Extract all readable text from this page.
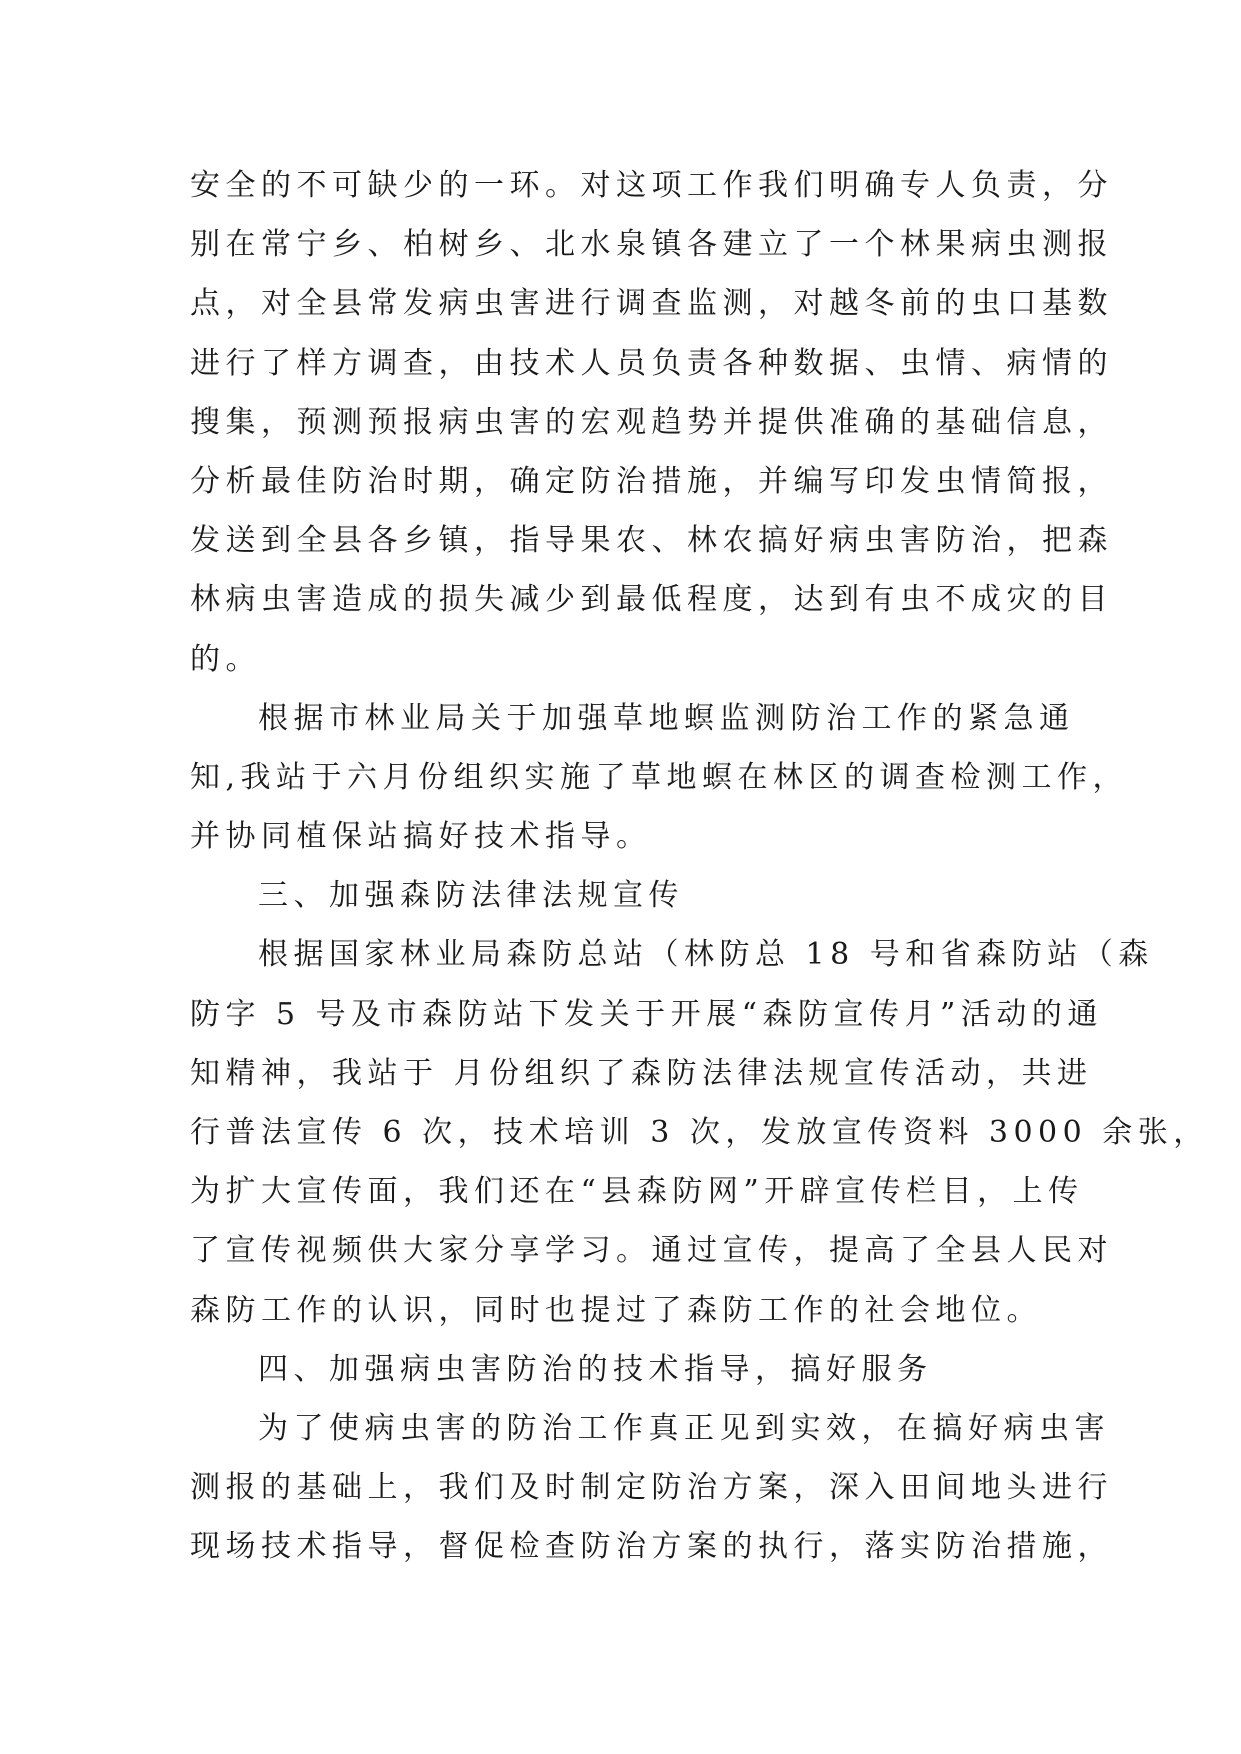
安全的不可缺少的一环。对这项工作我们明确专人负责，分
别在常宁乡、柏树乡、北水泉镇各建立了一个林果病虫测报
点，对全县常发病虫害进行调查监测，对越冬前的虫口基数
进行了样方调查，由技术人员负责各种数据、虫情、病情的
搜集，预测预报病虫害的宏观趋势并提供准确的基础信息，
分析最佳防治时期，确定防治措施，并编写印发虫情简报，
发送到全县各乡镇，指导果农、林农搞好病虫害防治，把森
林病虫害造成的损失减少到最低程度，达到有虫不成灾的目
的。
根据市林业局关于加强草地螟监测防治工作的紧急通
知,我站于六月份组织实施了草地螟在林区的调查检测工作，
并协同植保站搞好技术指导。
三、加强森防法律法规宣传
根据国家林业局森防总站（林防总 18 号和省森防站（森
防字 5 号及市森防站下发关于开展“森防宣传月”活动的通
知精神，我站于 月份组织了森防法律法规宣传活动，共进
行普法宣传 6 次，技术培训 3 次，发放宣传资料 3000 余张，
为扩大宣传面，我们还在“县森防网”开辟宣传栏目，上传
了宣传视频供大家分享学习。通过宣传，提高了全县人民对
森防工作的认识，同时也提过了森防工作的社会地位。
四、加强病虫害防治的技术指导，搞好服务
为了使病虫害的防治工作真正见到实效，在搞好病虫害
测报的基础上，我们及时制定防治方案，深入田间地头进行
现场技术指导，督促检查防治方案的执行，落实防治措施，
